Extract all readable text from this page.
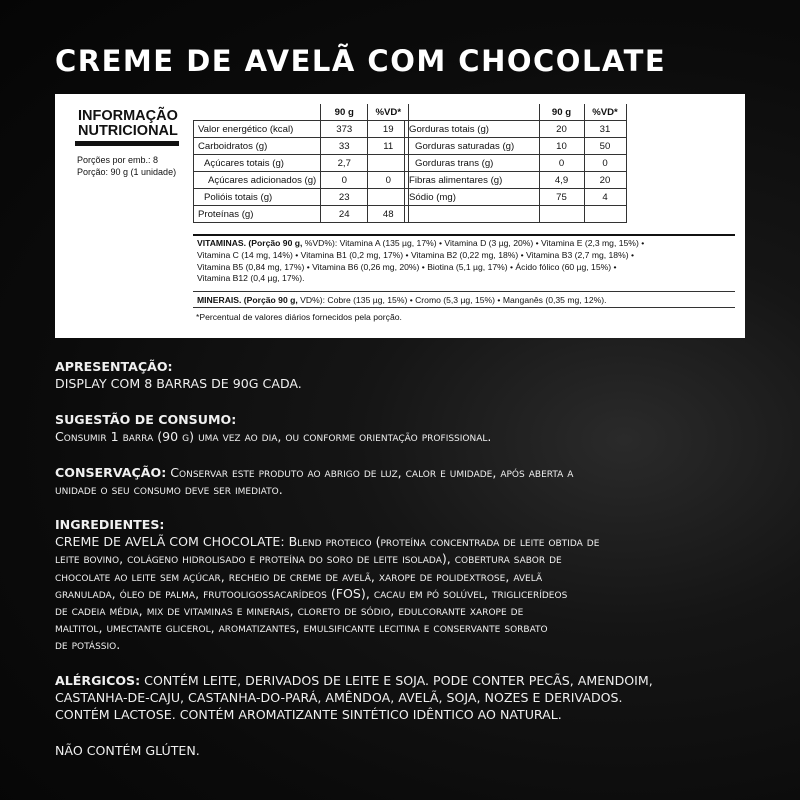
CREME DE AVELÃ COM CHOCOLATE
INFORMAÇÃO
NUTRICIONAL
Porções por emb.: 8
Porção: 90 g (1 unidade)
	90 g	%VD*
Valor energético (kcal)	373	19
Carboidratos (g)	33	11
Açúcares totais (g)	2,7	
Açúcares adicionados (g)	0	0
Polióis totais (g)	23	
Proteínas (g)	24	48
	90 g	%VD*
Gorduras totais (g)	20	31
Gorduras saturadas (g)	10	50
Gorduras trans (g)	0	0
Fibras alimentares (g)	4,9	20
Sódio (mg)	75	4

VITAMINAS. (Porção 90 g, %VD%): Vitamina A (135 µg, 17%) • Vitamina D (3 µg, 20%) • Vitamina E (2,3 mg, 15%) •
Vitamina C (14 mg, 14%) • Vitamina B1 (0,2 mg, 17%) • Vitamina B2 (0,22 mg, 18%) • Vitamina B3 (2,7 mg, 18%) •
Vitamina B5 (0,84 mg, 17%) • Vitamina B6 (0,26 mg, 20%) • Biotina (5,1 µg, 17%) • Ácido fólico (60 µg, 15%) •
Vitamina B12 (0,4 µg, 17%).
MINERAIS. (Porção 90 g, VD%): Cobre (135 µg, 15%) • Cromo (5,3 µg, 15%) • Manganês (0,35 mg, 12%).
*Percentual de valores diários fornecidos pela porção.
APRESENTAÇÃO:
DISPLAY COM 8 BARRAS DE 90G CADA.
SUGESTÃO DE CONSUMO:
Consumir 1 barra (90 g) uma vez ao dia, ou conforme orientação profissional.
CONSERVAÇÃO: Conservar este produto ao abrigo de luz, calor e umidade, após aberta a
unidade o seu consumo deve ser imediato.
INGREDIENTES:
CREME DE AVELÃ COM CHOCOLATE: Blend proteico (proteína concentrada de leite obtida de
leite bovino, colágeno hidrolisado e proteína do soro de leite isolada), cobertura sabor de
chocolate ao leite sem açúcar, recheio de creme de avelã, xarope de polidextrose, avelã
granulada, óleo de palma, frutooligossacarídeos (FOS), cacau em pó solúvel, triglicerídeos
de cadeia média, mix de vitaminas e minerais, cloreto de sódio, edulcorante xarope de
maltitol, umectante glicerol, aromatizantes, emulsificante lecitina e conservante sorbato
de potássio.
ALÉRGICOS: CONTÉM LEITE, DERIVADOS DE LEITE E SOJA. PODE CONTER PECÃS, AMENDOIM,
CASTANHA-DE-CAJU, CASTANHA-DO-PARÁ, AMÊNDOA, AVELÃ, SOJA, NOZES E DERIVADOS.
CONTÉM LACTOSE. CONTÉM AROMATIZANTE SINTÉTICO IDÊNTICO AO NATURAL.
NÃO CONTÉM GLÚTEN.
